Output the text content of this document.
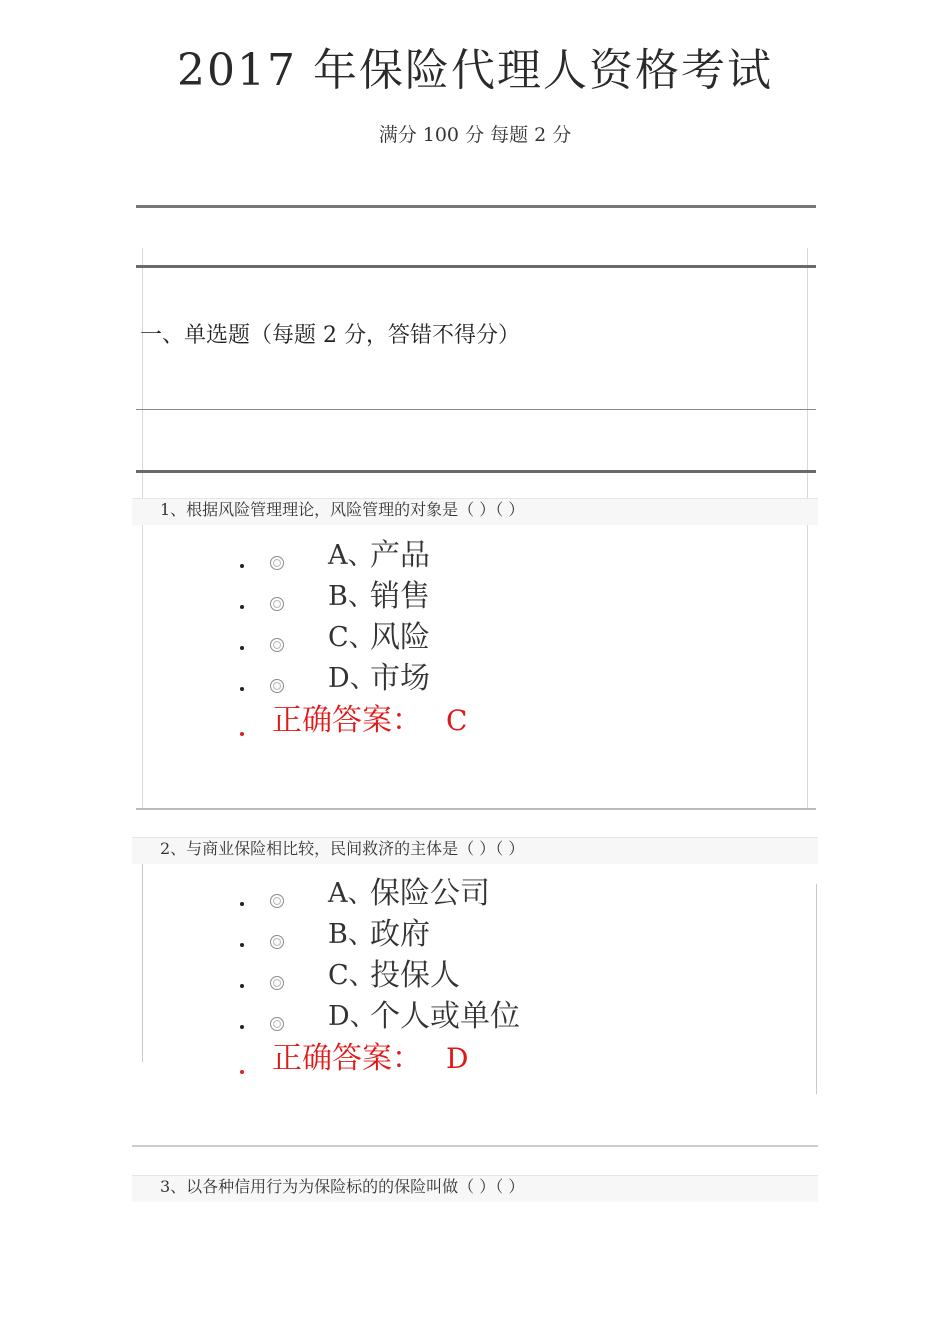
2017 年保险代理人资格考试
满分 100 分 每题 2 分
一、单选题（每题 2 分，答错不得分）
1、根据风险管理理论，风险管理的对象是（ ）（ ）
A、
产品
B、
销售
C、
风险
D、
市场
正确答案： C
2、与商业保险相比较，民间救济的主体是（ ）（ ）
A、
保险公司
B、
政府
C、
投保人
D、
个人或单位
正确答案： D
3、以各种信用行为为保险标的的保险叫做（ ）（ ）
